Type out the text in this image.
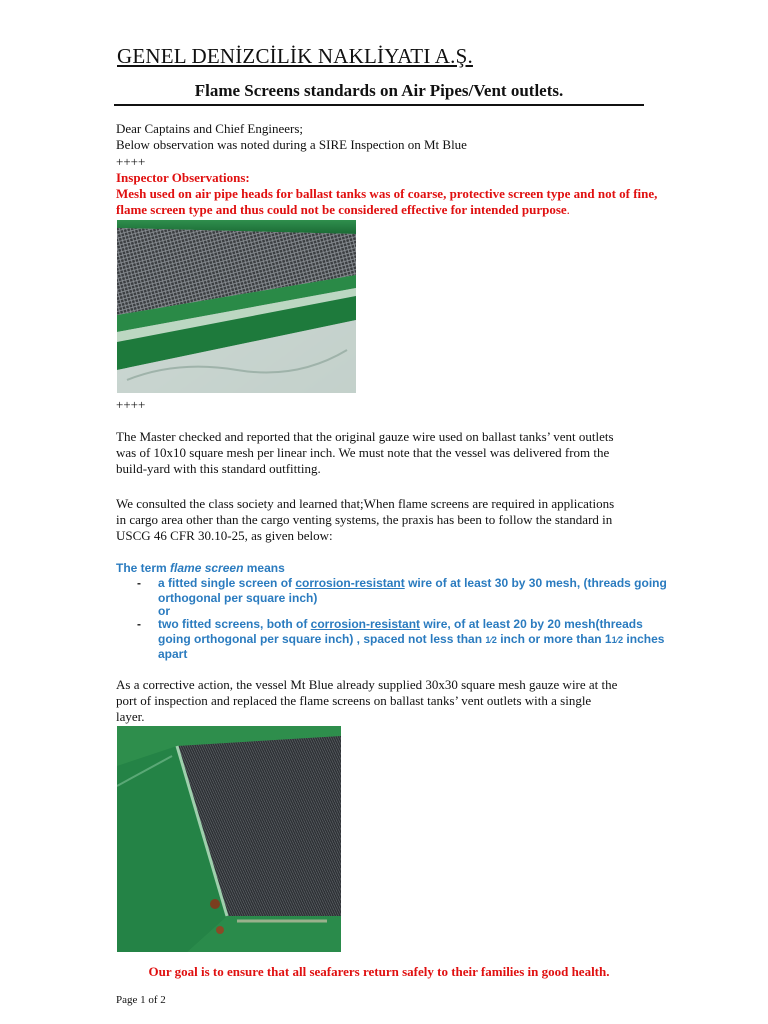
GENEL DENİZCİLİK NAKLİYATI A.Ş.
Flame Screens standards on Air Pipes/Vent outlets.
Dear Captains and Chief Engineers;
Below observation was noted during a SIRE Inspection on Mt Blue
++++
Inspector Observations:
Mesh used on air pipe heads for ballast tanks was of coarse, protective screen type and not of fine,
flame screen type and thus could not be considered effective for intended purpose.
++++
The Master checked and reported that the original gauze wire used on ballast tanks’ vent outlets
was of 10x10 square mesh per linear inch. We must note that the vessel was delivered from the
build-yard with this standard outfitting.
We consulted the class society and learned that;When flame screens are required in applications
in cargo area other than the cargo venting systems, the praxis has been to follow the standard in
USCG 46 CFR 30.10-25, as given below:
The term flame screen means
- a fitted single screen of corrosion-resistant wire of at least 30 by 30 mesh, (threads going
orthogonal per square inch)
or
- two fitted screens, both of corrosion-resistant wire, of at least 20 by 20 mesh(threads
going orthogonal per square inch) , spaced not less than 1⁄2 inch or more than 11⁄2 inches
apart
As a corrective action, the vessel Mt Blue already supplied 30x30 square mesh gauze wire at the
port of inspection and replaced the flame screens on ballast tanks’ vent outlets with a single
layer.
Our goal is to ensure that all seafarers return safely to their families in good health.
Page 1 of 2
